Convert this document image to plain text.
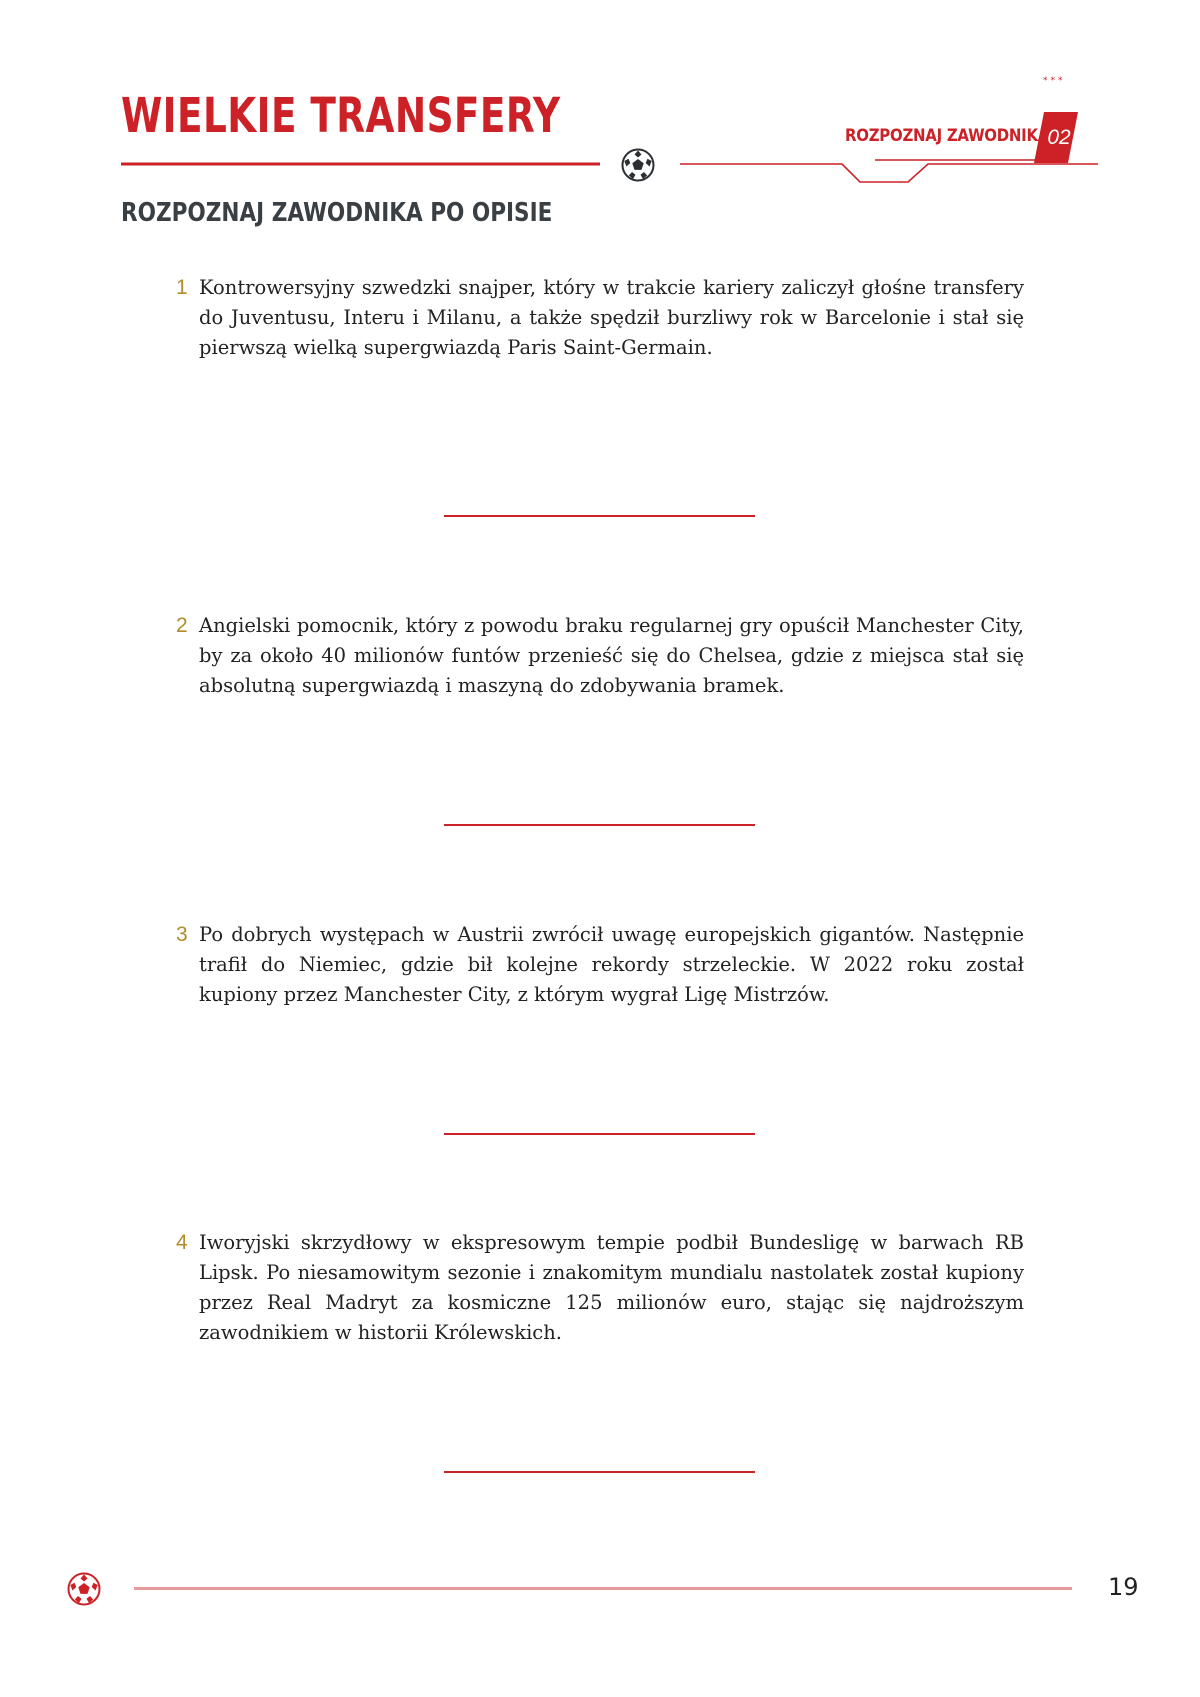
WIELKIE TRANSFERY
***
ROZPOZNAJ ZAWODNIKA
02
ROZPOZNAJ ZAWODNIKA PO OPISIE
1 Kontrowersyjny szwedzki snajper, który w trakcie kariery zaliczył głośne transfery do Juventusu, Interu i Milanu, a także spędził burzliwy rok w Barcelonie i stał się pierwszą wielką supergwiazdą Paris Saint-Germain.

2 Angielski pomocnik, który z powodu braku regularnej gry opuścił Manchester City, by za około 40 milionów funtów przenieść się do Chelsea, gdzie z miejsca stał się absolutną supergwiazdą i maszyną do zdobywania bramek.

3 Po dobrych występach w Austrii zwrócił uwagę europejskich gigantów. Następnie trafił do Niemiec, gdzie bił kolejne rekordy strzeleckie. W 2022 roku został kupiony przez Manchester City, z którym wygrał Ligę Mistrzów.

4 Iworyjski skrzydłowy w ekspresowym tempie podbił Bundesligę w barwach RB Lipsk. Po niesamowitym sezonie i znakomitym mundialu nastolatek został kupiony przez Real Madryt za kosmiczne 125 milionów euro, stając się najdroższym zawodnikiem w historii Królewskich.

19
